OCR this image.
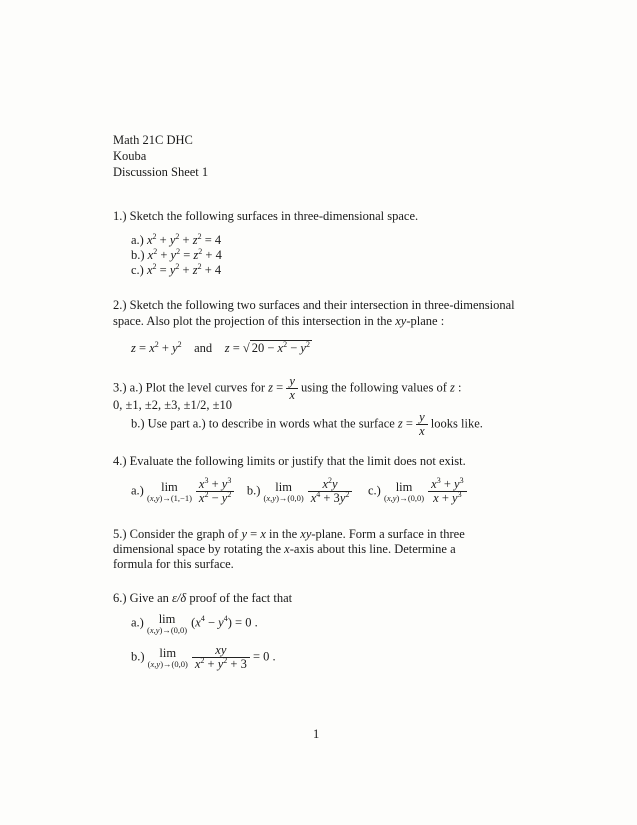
Math 21C DHC
Kouba
Discussion Sheet 1
1.) Sketch the following surfaces in three-dimensional space.
a.) $x^2 + y^2 + z^2 = 4$
b.) $x^2 + y^2 = z^2 + 4$
c.) $x^2 = y^2 + z^2 + 4$
2.) Sketch the following two surfaces and their intersection in three-dimensional
space. Also plot the projection of this intersection in the xy-plane :
$z = x^2 + y^2$ and z = √ $20 - x^2 - y^2$
3.) a.) Plot the level curves for $z = \frac{y}{x}$ using the following values of z :
0, ±1, ±2, ±3, ±1/2, ±10
b.) Use part a.) to describe in words what the surface $z = \frac{y}{x}$ looks like.
4.) Evaluate the following limits or justify that the limit does not exist.
a.) lim
$(x,y)\to(1,-1) \frac{x^3 + y^3}{x^2 - y^2} b$.) lim
$(x,y)\to(0,0) \frac{x^2y}{x^4 + 3y^2} c$.) lim
$(x,y)\to(0,0) \frac{x^3 + y^3}{x + y^3}$
5.) Consider the graph of y = x in the xy-plane. Form a surface in three
dimensional space by rotating the x-axis about this line. Determine a
formula for this surface.
6.) Give an ε/δ proof of the fact that
a.) lim
(x,y)→(0,0)
$(x^4 - y^4) = 0$ .
b.) lim
$(x,y)\to(0,0) \frac{xy}{x^2 + y^2 + 3} = 0$ .
1
